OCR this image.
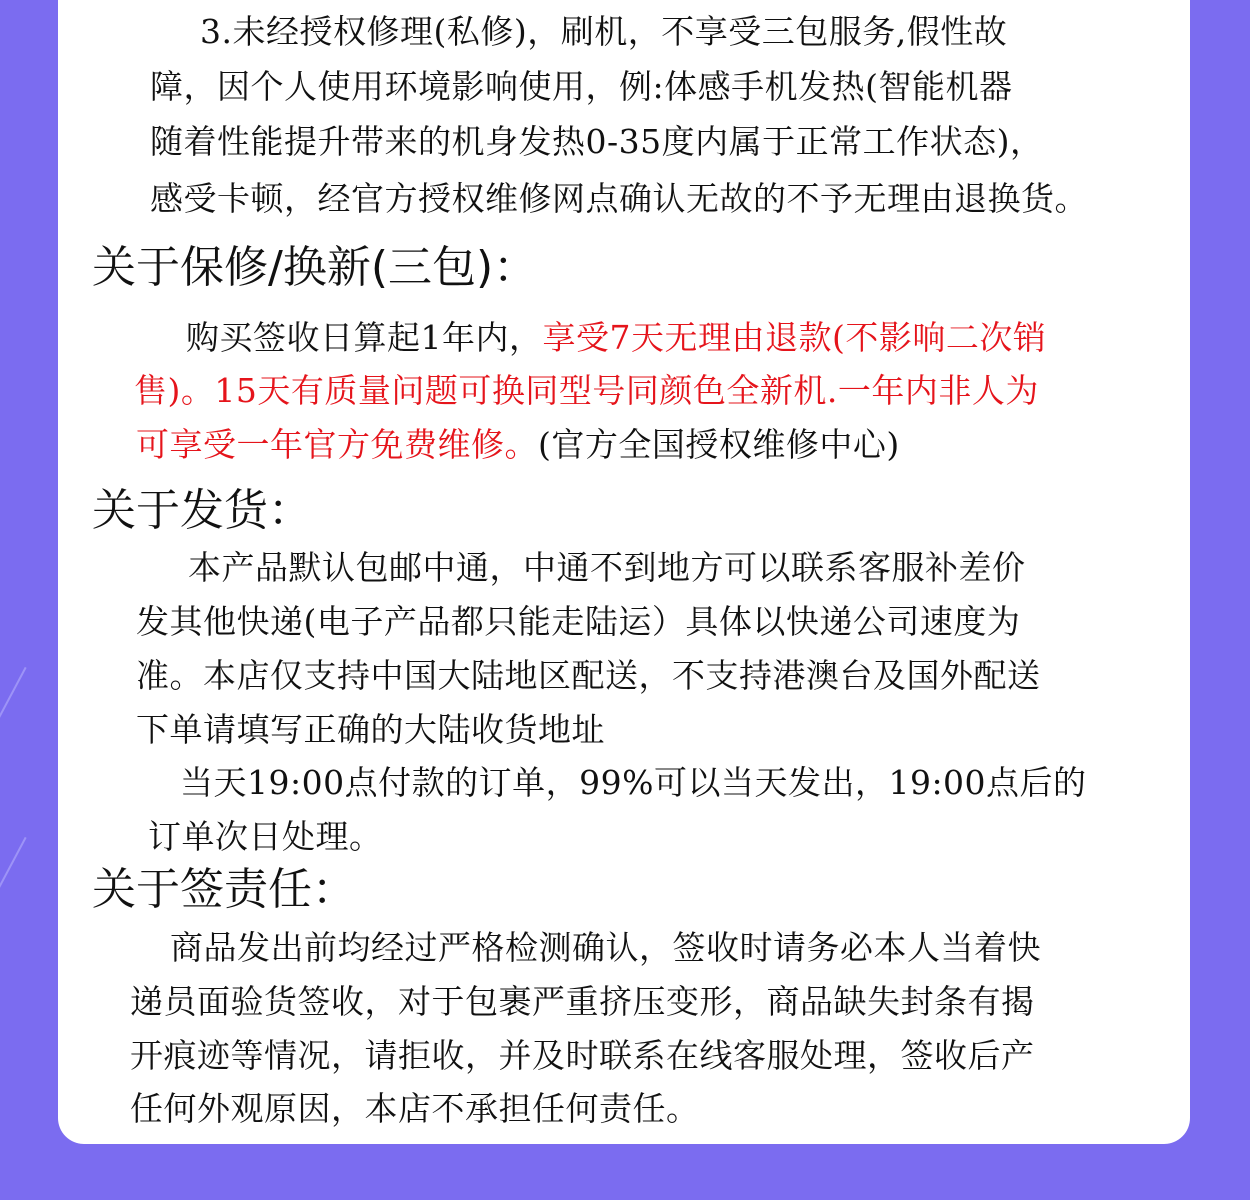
3.未经授权修理(私修)，刷机，不享受三包服务,假性故
障，因个人使用环境影响使用，例:体感手机发热(智能机器
随着性能提升带来的机身发热0-35度内属于正常工作状态)，
感受卡顿，经官方授权维修网点确认无故的不予无理由退换货。
关于保修/换新(三包)：
购买签收日算起1年内，享受7天无理由退款(不影响二次销
售)。15天有质量问题可换同型号同颜色全新机.一年内非人为
可享受一年官方免费维修。(官方全国授权维修中心)
关于发货：
本产品默认包邮中通，中通不到地方可以联系客服补差价
发其他快递(电子产品都只能走陆运）具体以快递公司速度为
准。本店仅支持中国大陆地区配送，不支持港澳台及国外配送
下单请填写正确的大陆收货地址
当天19:00点付款的订单，99%可以当天发出，19:00点后的
订单次日处理。
关于签责任：
商品发出前均经过严格检测确认，签收时请务必本人当着快
递员面验货签收，对于包裹严重挤压变形，商品缺失封条有揭
开痕迹等情况，请拒收，并及时联系在线客服处理，签收后产
任何外观原因，本店不承担任何责任。
